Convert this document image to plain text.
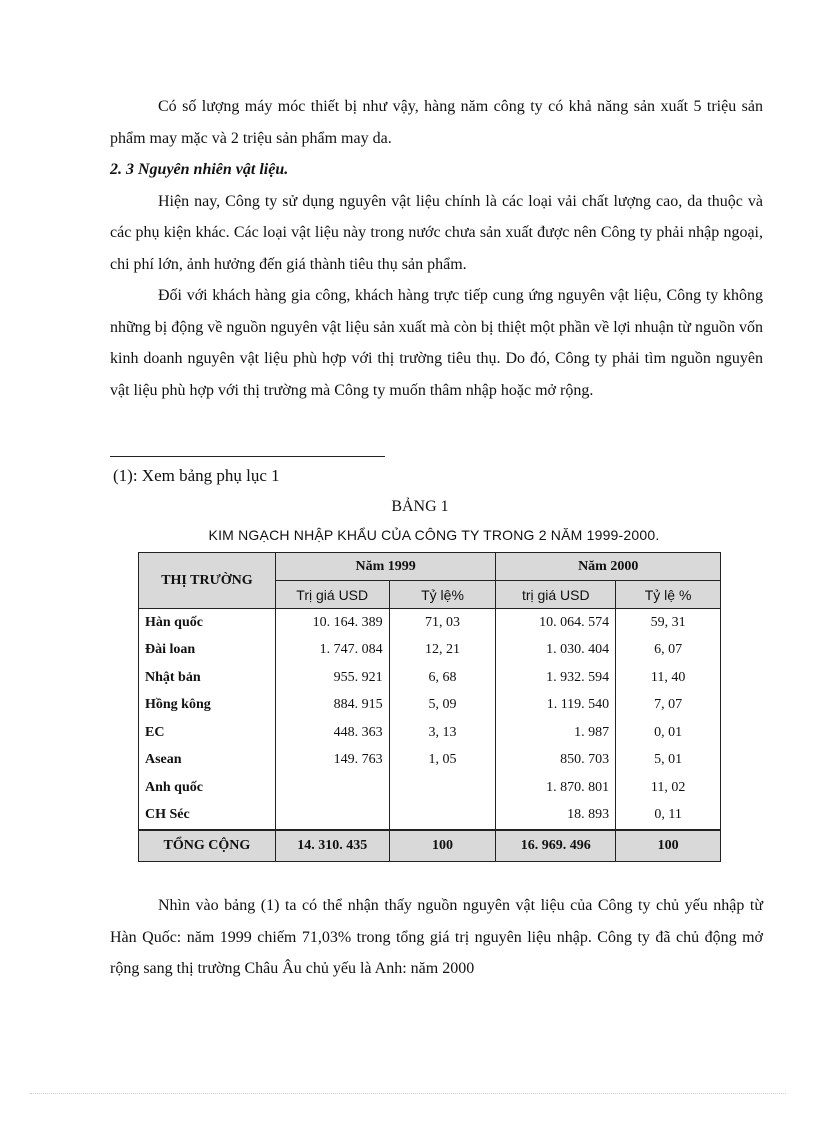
Có số lượng máy móc thiết bị như vậy, hàng năm công ty có khả năng sản xuất 5 triệu sản phẩm may mặc và 2 triệu sản phẩm may da.

2. 3 Nguyên nhiên vật liệu.

Hiện nay, Công ty sử dụng nguyên vật liệu chính là các loại vải chất lượng cao, da thuộc và các phụ kiện khác. Các loại vật liệu này trong nước chưa sản xuất được nên Công ty phải nhập ngoại, chi phí lớn, ảnh hưởng đến giá thành tiêu thụ sản phẩm.

Đối với khách hàng gia công, khách hàng trực tiếp cung ứng nguyên vật liệu, Công ty không những bị động về nguồn nguyên vật liệu sản xuất mà còn bị thiệt một phần về lợi nhuận từ nguồn vốn kinh doanh nguyên vật liệu phù hợp với thị trường tiêu thụ. Do đó, Công ty phải tìm nguồn nguyên vật liệu phù hợp với thị trường mà Công ty muốn thâm nhập hoặc mở rộng.

(1): Xem bảng phụ lục 1
BẢNG 1
KIM NGẠCH NHẬP KHẨU CỦA CÔNG TY TRONG 2 NĂM 1999-2000.
THỊ TRƯỜNG	Năm 1999		Năm 2000	
	Trị giá USD	Tỷ lệ%	trị giá USD	Tỷ lệ %
Hàn quốc	10. 164. 389	71, 03	10. 064. 574	59, 31
Đài loan	1. 747. 084	12, 21	1. 030. 404	6, 07
Nhật bản	955. 921	6, 68	1. 932. 594	11, 40
Hồng kông	884. 915	5, 09	1. 119. 540	7, 07
EC	448. 363	3, 13	1. 987	0, 01
Asean	149. 763	1, 05	850. 703	5, 01
Anh quốc			1. 870. 801	11, 02
CH Séc			18. 893	0, 11
TỔNG CỘNG	14. 310. 435	100	16. 969. 496	100

Nhìn vào bảng (1) ta có thể nhận thấy nguồn nguyên vật liệu của Công ty chủ yếu nhập từ Hàn Quốc: năm 1999 chiếm 71,03% trong tổng giá trị nguyên liệu nhập. Công ty đã chủ động mở rộng sang thị trường Châu Âu chủ yếu là Anh: năm 2000
